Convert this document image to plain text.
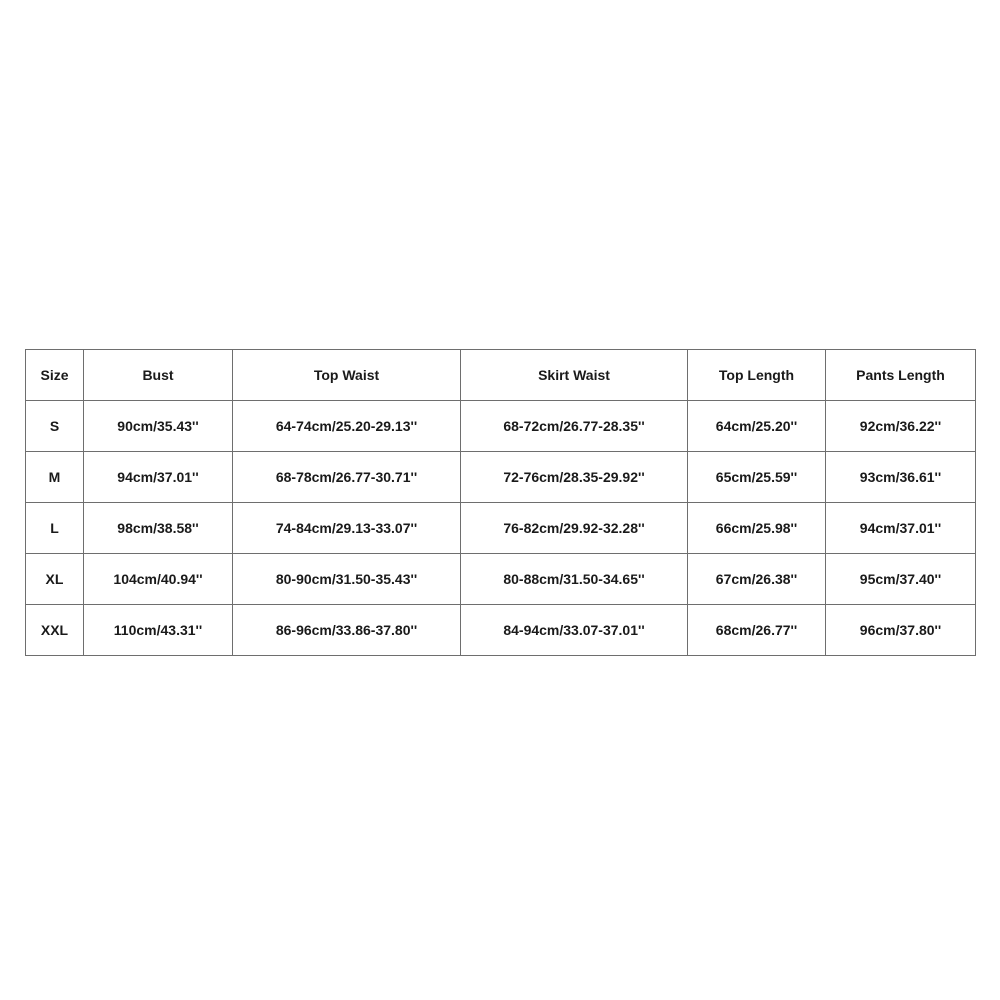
Size	Bust	Top Waist	Skirt Waist	Top Length	Pants Length
S	90cm/35.43''	64-74cm/25.20-29.13''	68-72cm/26.77-28.35''	64cm/25.20''	92cm/36.22''
M	94cm/37.01''	68-78cm/26.77-30.71''	72-76cm/28.35-29.92''	65cm/25.59''	93cm/36.61''
L	98cm/38.58''	74-84cm/29.13-33.07''	76-82cm/29.92-32.28''	66cm/25.98''	94cm/37.01''
XL	104cm/40.94''	80-90cm/31.50-35.43''	80-88cm/31.50-34.65''	67cm/26.38''	95cm/37.40''
XXL	110cm/43.31''	86-96cm/33.86-37.80''	84-94cm/33.07-37.01''	68cm/26.77''	96cm/37.80''
